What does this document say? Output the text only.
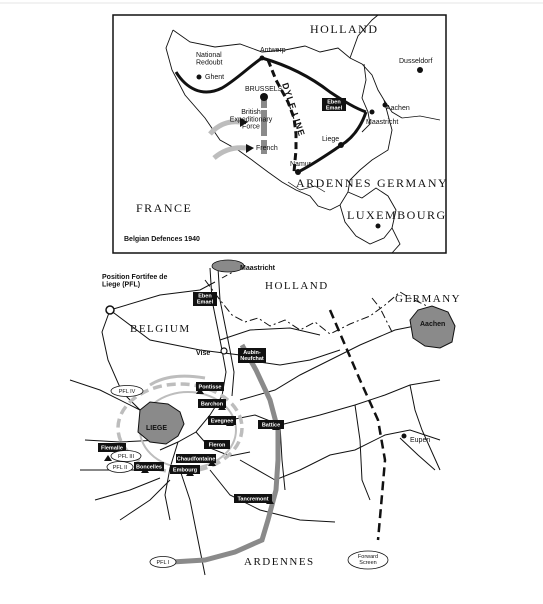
DYLE LINE	Eben Emael
HOLLAND
GERMANY
LUXEMBOURG
FRANCE
ARDENNES
Antwerp
Ghent
BRUSSELS
Liege
Namur
Maastricht
Aachen
Dusseldorf
National Redoubt
British Expeditionary Force
French
Belgian Defences 1940
Eben Emael
Aubin-Neufchat
Pontisse
Barchon
Evegnee
Fleron
Chaudfontaine
Embourg
Boncelles
Flemalle
Battice
Tancremont
PFL IV
PFL III
PFL II
PFL I
Forward Screen
Position Fortifee de Liege (PFL)
Maastricht
Vise
Aachen
LIEGE
Eupen
HOLLAND
GERMANY
BELGIUM
ARDENNES
